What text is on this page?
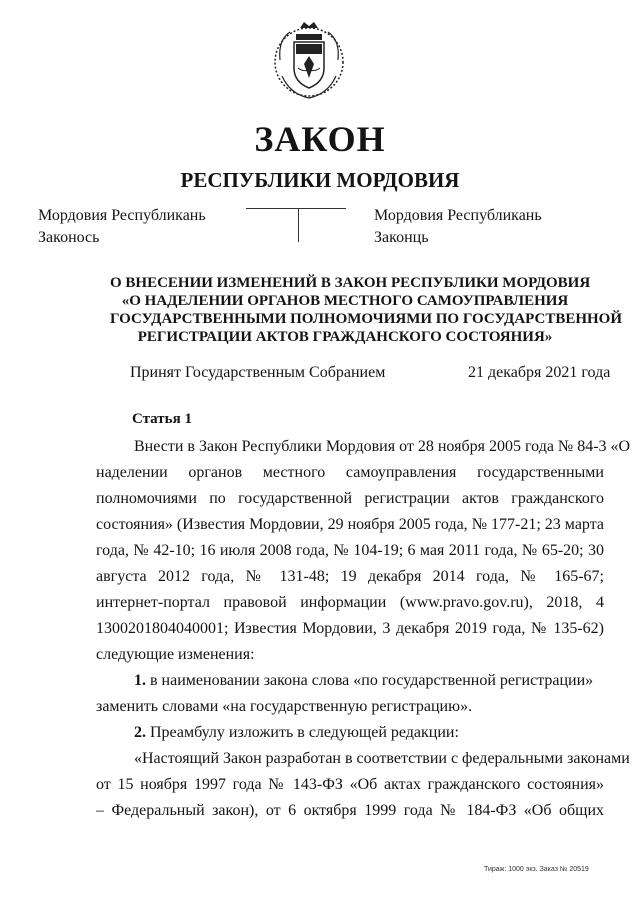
ЗАКОН
РЕСПУБЛИКИ МОРДОВИЯ
Мордовия Республикань
Законось
Мордовия Республикань
Законць
О ВНЕСЕНИИ ИЗМЕНЕНИЙ В ЗАКОН РЕСПУБЛИКИ МОРДОВИЯ
«О НАДЕЛЕНИИ ОРГАНОВ МЕСТНОГО САМОУПРАВЛЕНИЯ
ГОСУДАРСТВЕННЫМИ ПОЛНОМОЧИЯМИ ПО ГОСУДАРСТВЕННОЙ
РЕГИСТРАЦИИ АКТОВ ГРАЖДАНСКОГО СОСТОЯНИЯ»
Принят Государственным Собранием	21 декабря 2021 года
Статья 1
Внести в Закон Республики Мордовия от 28 ноября 2005 года № 84-3 «О
наделении органов местного самоуправления государственными
полномочиями по государственной регистрации актов гражданского
состояния» (Известия Мордовии, 29 ноября 2005 года, № 177-21; 23 марта
года, № 42-10; 16 июля 2008 года, № 104-19; 6 мая 2011 года, № 65-20; 30
августа 2012 года, № 131-48; 19 декабря 2014 года, № 165-67;
интернет-портал правовой информации (www.pravo.gov.ru), 2018, 4
1300201804040001; Известия Мордовии, 3 декабря 2019 года, № 135-62)
следующие изменения:
1. в наименовании закона слова «по государственной регистрации»
заменить словами «на государственную регистрацию».
2. Преамбулу изложить в следующей редакции:
«Настоящий Закон разработан в соответствии с федеральными законами
от 15 ноября 1997 года № 143-ФЗ «Об актах гражданского состояния»
– Федеральный закон), от 6 октября 1999 года № 184-ФЗ «Об общих
Тираж: 1000 экз. Заказ № 20519
